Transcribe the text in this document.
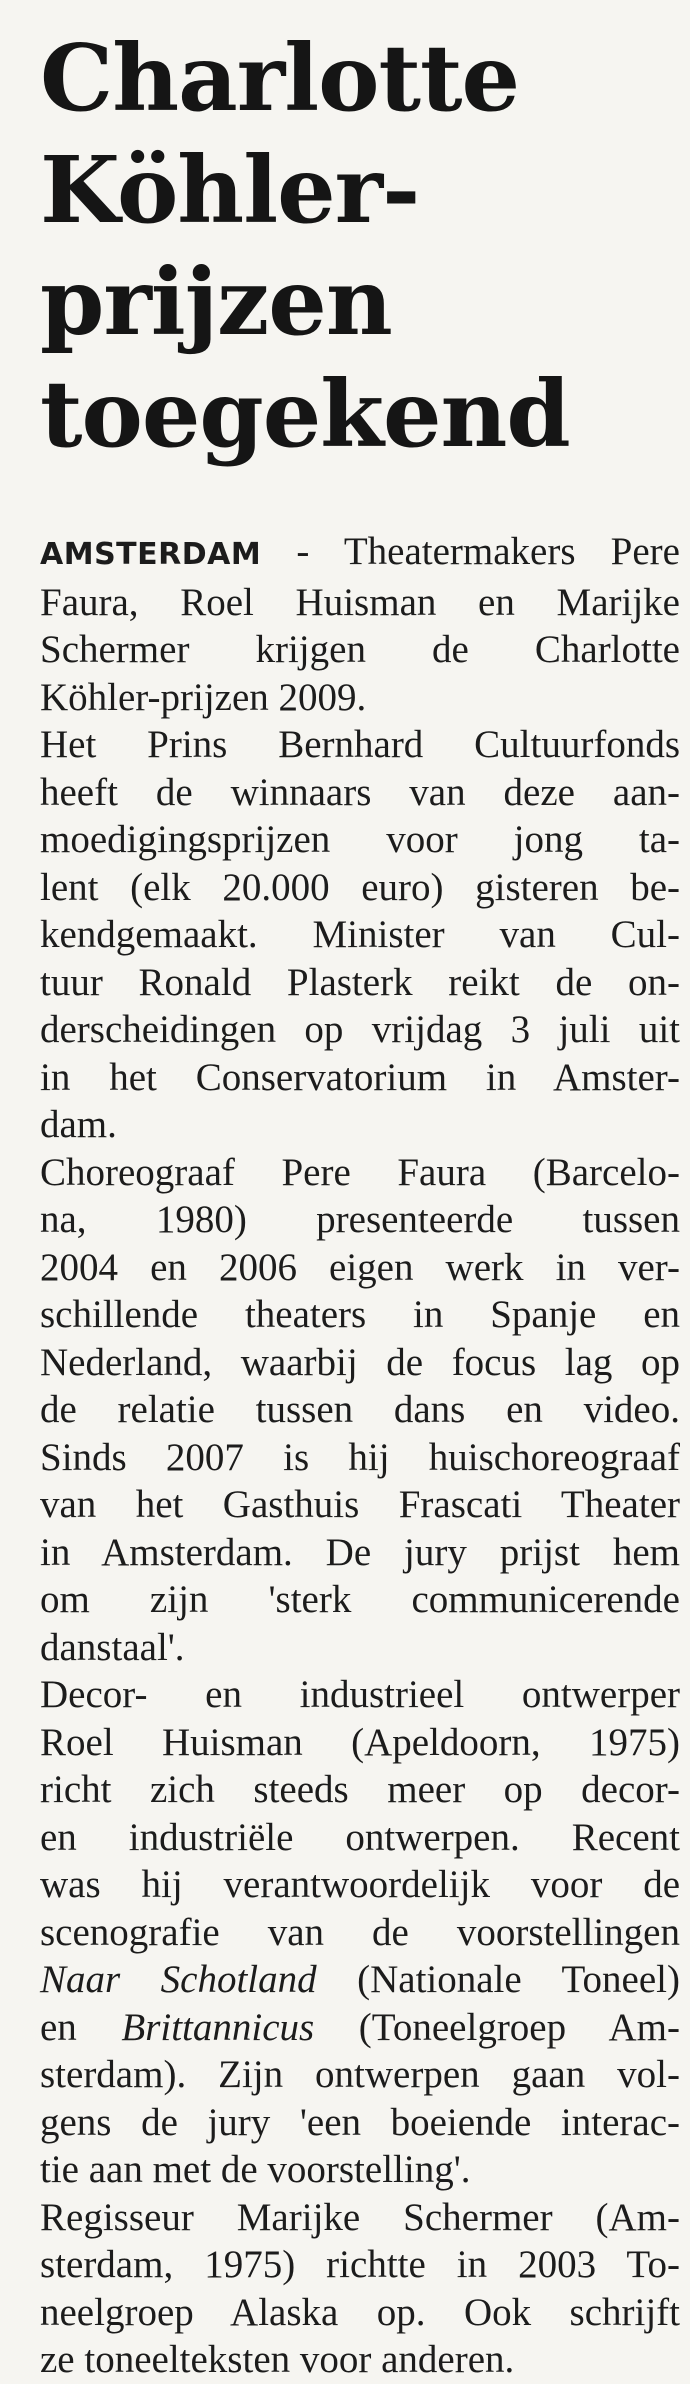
Charlotte
Köhler-
prijzen
toegekend

AMSTERDAM - Theatermakers Pere
Faura, Roel Huisman en Marijke
Schermer krijgen de Charlotte
Köhler-prijzen 2009.

Het Prins Bernhard Cultuurfonds
heeft de winnaars van deze aan-
moedigingsprijzen voor jong ta-
lent (elk 20.000 euro) gisteren be-
kendgemaakt. Minister van Cul-
tuur Ronald Plasterk reikt de on-
derscheidingen op vrijdag 3 juli uit
in het Conservatorium in Amster-
dam.

Choreograaf Pere Faura (Barcelo-
na, 1980) presenteerde tussen
2004 en 2006 eigen werk in ver-
schillende theaters in Spanje en
Nederland, waarbij de focus lag op
de relatie tussen dans en video.
Sinds 2007 is hij huischoreograaf
van het Gasthuis Frascati Theater
in Amsterdam. De jury prijst hem
om zijn 'sterk communicerende
danstaal'.

Decor- en industrieel ontwerper
Roel Huisman (Apeldoorn, 1975)
richt zich steeds meer op decor-
en industriële ontwerpen. Recent
was hij verantwoordelijk voor de
scenografie van de voorstellingen
Naar Schotland (Nationale Toneel)
en Brittannicus (Toneelgroep Am-
sterdam). Zijn ontwerpen gaan vol-
gens de jury 'een boeiende interac-
tie aan met de voorstelling'.

Regisseur Marijke Schermer (Am-
sterdam, 1975) richtte in 2003 To-
neelgroep Alaska op. Ook schrijft
ze toneelteksten voor anderen.
